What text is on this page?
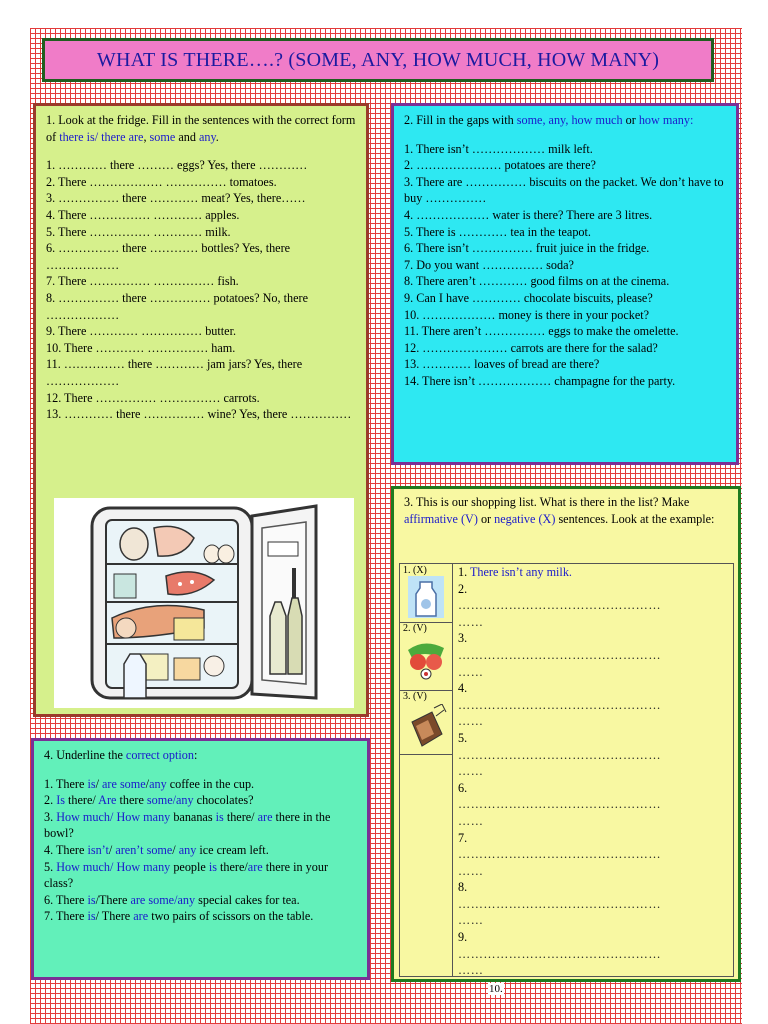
WHAT IS THERE….? (SOME, ANY, HOW MUCH, HOW MANY)

1. Look at the fridge. Fill in the sentences with the correct form of there is/ there are, some and any.

1. ………… there ……… eggs? Yes, there …………

2. There ……………… …………… tomatoes.

3. …………… there ………… meat? Yes, there……

4. There …………… ………… apples.

5. There …………… ………… milk.

6. …………… there ………… bottles? Yes, there ………………

7. There …………… …………… fish.

8. …………… there …………… potatoes? No, there ………………

9. There ………… …………… butter.

10. There ………… …………… ham.

11. …………… there ………… jam jars? Yes, there ………………

12. There …………… …………… carrots.

13. ………… there …………… wine? Yes, there ……………

2. Fill in the gaps with some, any, how much or how many:

1. There isn’t ……………… milk left.

2. ………………… potatoes are there?

3. There are …………… biscuits on the packet. We don’t have to buy ……………

4. ……………… water is there? There are 3 litres.

5. There is ………… tea in the teapot.

6. There isn’t …………… fruit juice in the fridge.

7. Do you want …………… soda?

8. There aren’t ………… good films on at the cinema.

9. Can I have ………… chocolate biscuits, please?

10. ……………… money is there in your pocket?

11. There aren’t …………… eggs to make the omelette.

12. ………………… carrots are there for the salad?

13. ………… loaves of bread are there?

14. There isn’t ……………… champagne for the party.

3. This is our shopping list. What is there in the list? Make affirmative (V) or negative (X) sentences. Look at the example:

1. (X)
2. (V)
3. (V)

1. There isn’t any milk.

2.

…………………………………………

……

3.

…………………………………………

……

4.

…………………………………………

……

5.

…………………………………………

……

6.

…………………………………………

……

7.

…………………………………………

……

8.

…………………………………………

……

9.

…………………………………………

……

4. Underline the correct option:

1. There is/ are some/any coffee in the cup.

2. Is there/ Are there some/any chocolates?

3. How much/ How many bananas is there/ are there in the bowl?

4. There isn’t/ aren’t some/ any ice cream left.

5. How much/ How many people is there/are there in your class?

6. There is/There are some/any special cakes for tea.

7. There is/ There are two pairs of scissors on the table.

10.
